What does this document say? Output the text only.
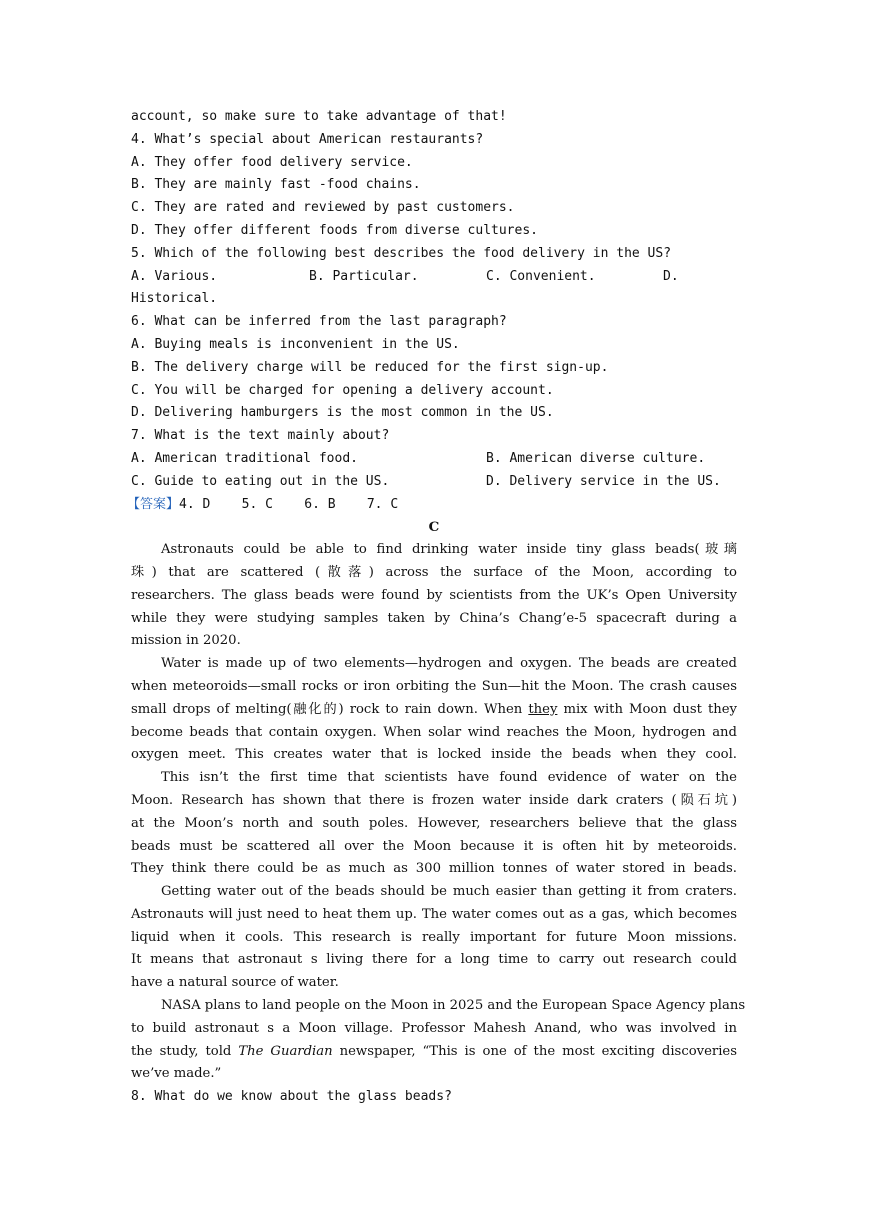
account, so make sure to take advantage of that!
4. What’s special about American restaurants?
A. They offer food delivery service.
B. They are mainly fast -food chains.
C. They are rated and reviewed by past customers.
D. They offer different foods from diverse cultures.
5. Which of the following best describes the food delivery in the US?
A. Various.	B. Particular.	C. Convenient.	D.
Historical.
6. What can be inferred from the last paragraph?
A. Buying meals is inconvenient in the US.
B. The delivery charge will be reduced for the first sign-up.
C. You will be charged for opening a delivery account.
D. Delivering hamburgers is the most common in the US.
7. What is the text mainly about?
A. American traditional food.	B. American diverse culture.
C. Guide to eating out in the US.	D. Delivery service in the US.
【答案】4. D    5. C    6. B    7. C
C
Astronauts could be able to find drinking water inside tiny glass beads(玻璃
珠) that are scattered (散落) across the surface of the Moon, according to
researchers. The glass beads were found by scientists from the UK’s Open University
while they were studying samples taken by China’s Chang’e-5 spacecraft during a
mission in 2020.
Water is made up of two elements—hydrogen and oxygen. The beads are created
when meteoroids—small rocks or iron orbiting the Sun—hit the Moon. The crash causes
small drops of melting(融化的) rock to rain down. When they mix with Moon dust they
become beads that contain oxygen. When solar wind reaches the Moon, hydrogen and
oxygen meet. This creates water that is locked inside the beads when they cool.
This isn’t the first time that scientists have found evidence of water on the
Moon. Research has shown that there is frozen water inside dark craters (陨石坑)
at the Moon’s north and south poles. However, researchers believe that the glass
beads must be scattered all over the Moon because it is often hit by meteoroids.
They think there could be as much as 300 million tonnes of water stored in beads.
Getting water out of the beads should be much easier than getting it from craters.
Astronauts will just need to heat them up. The water comes out as a gas, which becomes
liquid when it cools. This research is really important for future Moon missions.
It means that astronaut s living there for a long time to carry out research could
have a natural source of water.
NASA plans to land people on the Moon in 2025 and the European Space Agency plans
to build astronaut s a Moon village. Professor Mahesh Anand, who was involved in
the study, told The Guardian newspaper, “This is one of the most exciting discoveries
we’ve made.”
8. What do we know about the glass beads?
